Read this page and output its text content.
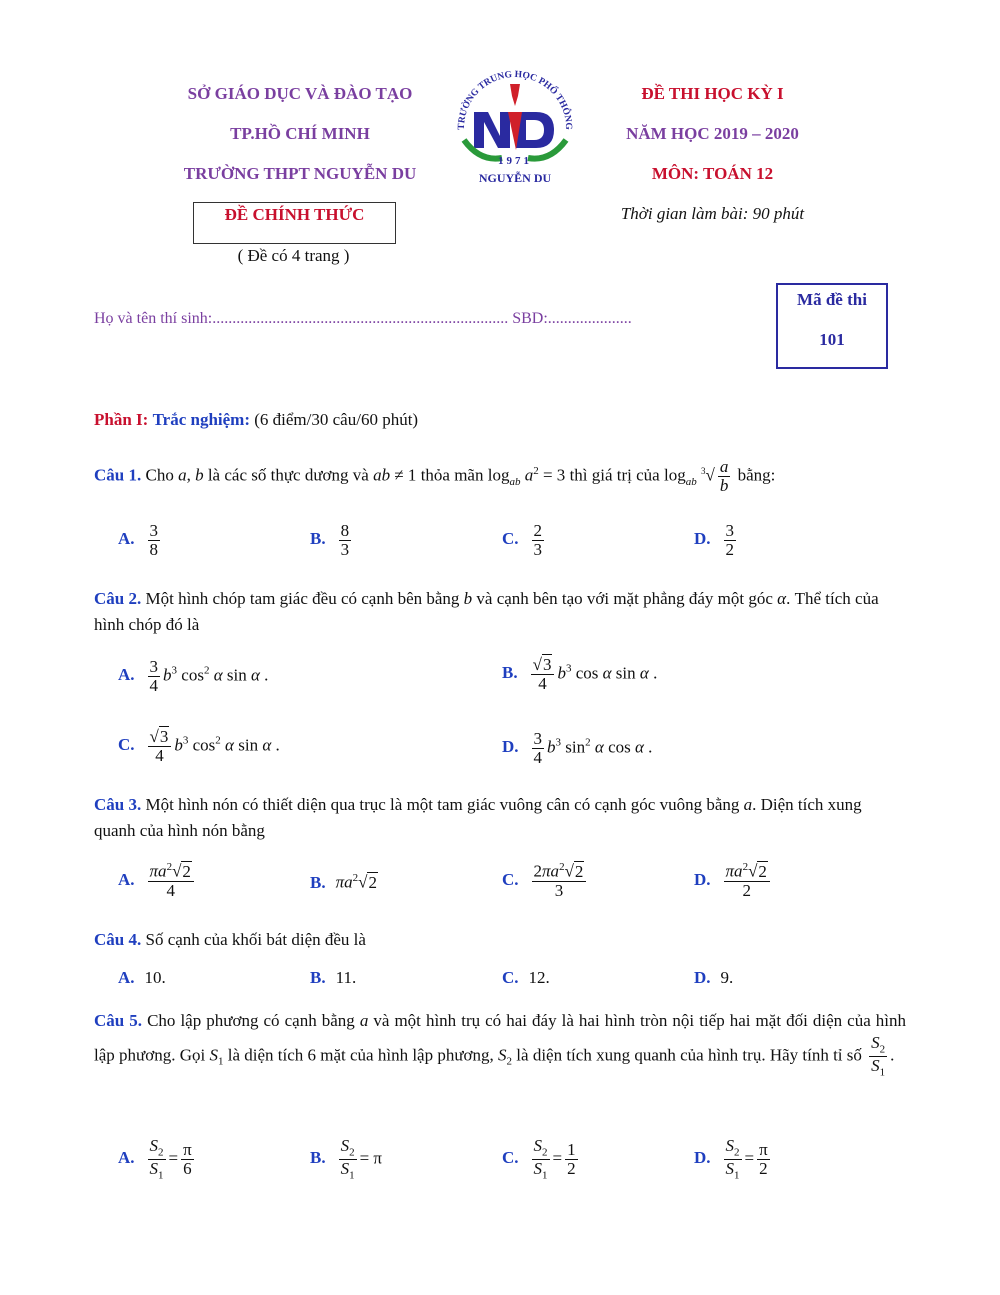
SỞ GIÁO DỤC VÀ ĐÀO TẠO
TP.HỒ CHÍ MINH
TRƯỜNG THPT NGUYỄN DU
ĐỀ CHÍNH THỨC
( Đề có 4 trang )
TRƯỜNG TRUNG HỌC PHỔ THÔNG
1971
NGUYỄN DU
ĐỀ THI HỌC KỲ I
NĂM HỌC 2019 – 2020
MÔN: TOÁN 12
Thời gian làm bài: 90 phút
Họ và tên thí sinh:.......................................................................... SBD:.....................
Mã đề thi
101
Phần I: Trắc nghiệm: (6 điểm/30 câu/60 phút)
Câu 1. Cho a, b là các số thực dương và ab ≠ 1 thỏa mãn $\log_{ab} a^2 = 3$ thì giá trị của $\log_{ab} ^3√ \frac{a}{b}$ bằng:
A. $\frac{3}{8}$	B. $\frac{8}{3}$	C. $\frac{2}{3}$	D. $\frac{3}{2}$
Câu 2. Một hình chóp tam giác đều có cạnh bên bằng b và cạnh bên tạo với mặt phẳng đáy một góc α. Thể tích của hình chóp đó là
A. $\frac{3}{4} b^3$ $\cos^2 \alpha$ sin α .	B. $\frac{√3}{4} b^3$ cos α sin α .
C. $\frac{√3}{4} b^3$ $\cos^2 \alpha$ sin α .	D. $\frac{3}{4} b^3$ $\sin^2 \alpha$ cos α .
Câu 3. Một hình nón có thiết diện qua trục là một tam giác vuông cân có cạnh góc vuông bằng a. Diện tích xung quanh của hình nón bằng
A. $\frac{\pi a^2√2}{4}$	B. $\pi a^2√2$	C. $\frac{2\pi a^2√2}{3}$	D. $\frac{\pi a^2√2}{2}$
Câu 4. Số cạnh của khối bát diện đều là
A. 10.	B. 11.	C. 12.	D. 9.
Câu 5. Cho lập phương có cạnh bằng a và một hình trụ có hai đáy là hai hình tròn nội tiếp hai mặt đối diện của hình lập phương. Gọi $S_1$ là diện tích 6 mặt của hình lập phương, $S_2$ là diện tích xung quanh của hình trụ. Hãy tính tỉ số $\frac{S_2}{S_1}$ .
A. $\frac{S_2}{S_1} = \frac{\pi}{6}$	B. $\frac{S_2}{S_1} = \pi$	C. $\frac{S_2}{S_1} = \frac{1}{2}$	D. $\frac{S_2}{S_1} = \frac{\pi}{2}$
